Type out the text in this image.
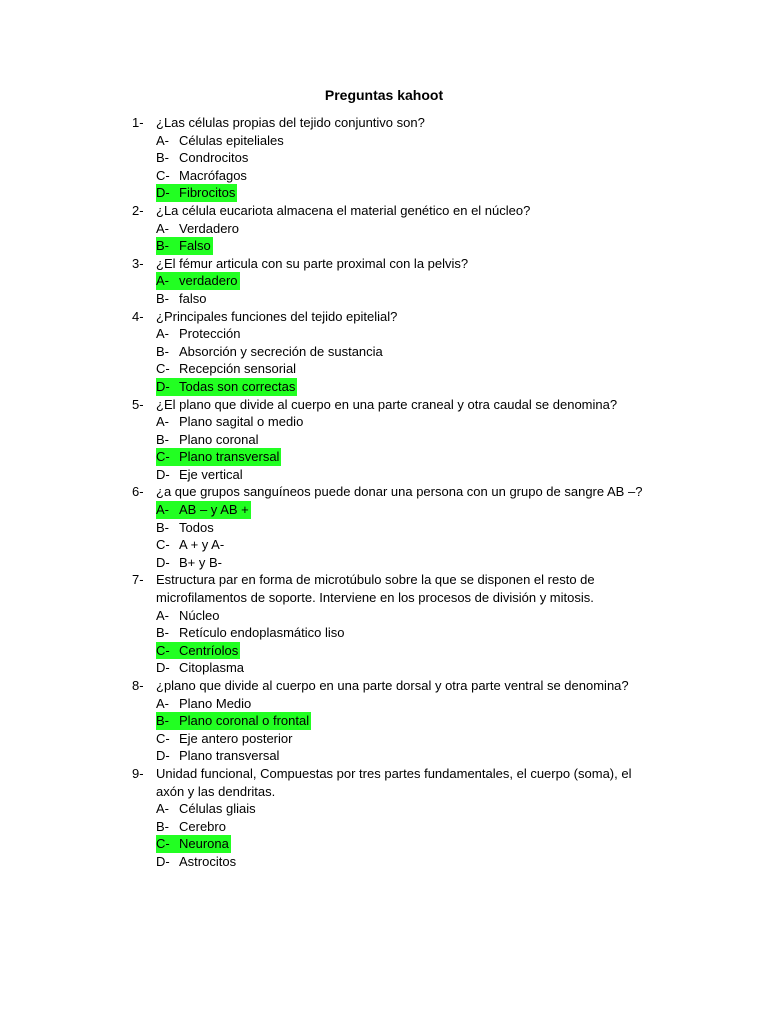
Preguntas kahoot
1- ¿Las células propias del tejido conjuntivo son?
A- Células epiteliales
B- Condrocitos
C- Macrófagos
D- Fibrocitos
2- ¿La célula eucariota almacena el material genético en el núcleo?
A- Verdadero
B- Falso
3- ¿El fémur articula con su parte proximal con la pelvis?
A- verdadero
B- falso
4- ¿Principales funciones del tejido epitelial?
A- Protección
B- Absorción y secreción de sustancia
C- Recepción sensorial
D- Todas son correctas
5- ¿El plano que divide al cuerpo en una parte craneal y otra caudal se denomina?
A- Plano sagital o medio
B- Plano coronal
C- Plano transversal
D- Eje vertical
6- ¿a que grupos sanguíneos puede donar una persona con un grupo de sangre AB –?
A- AB – y AB +
B- Todos
C- A + y A-
D- B+ y B-
7- Estructura par en forma de microtúbulo sobre la que se disponen el resto de
microfilamentos de soporte. Interviene en los procesos de división y mitosis.
A- Núcleo
B- Retículo endoplasmático liso
C- Centríolos
D- Citoplasma
8- ¿plano que divide al cuerpo en una parte dorsal y otra parte ventral se denomina?
A- Plano Medio
B- Plano coronal o frontal
C- Eje antero posterior
D- Plano transversal
9- Unidad funcional, Compuestas por tres partes fundamentales, el cuerpo (soma), el
axón y las dendritas.
A- Células gliais
B- Cerebro
C- Neurona
D- Astrocitos
